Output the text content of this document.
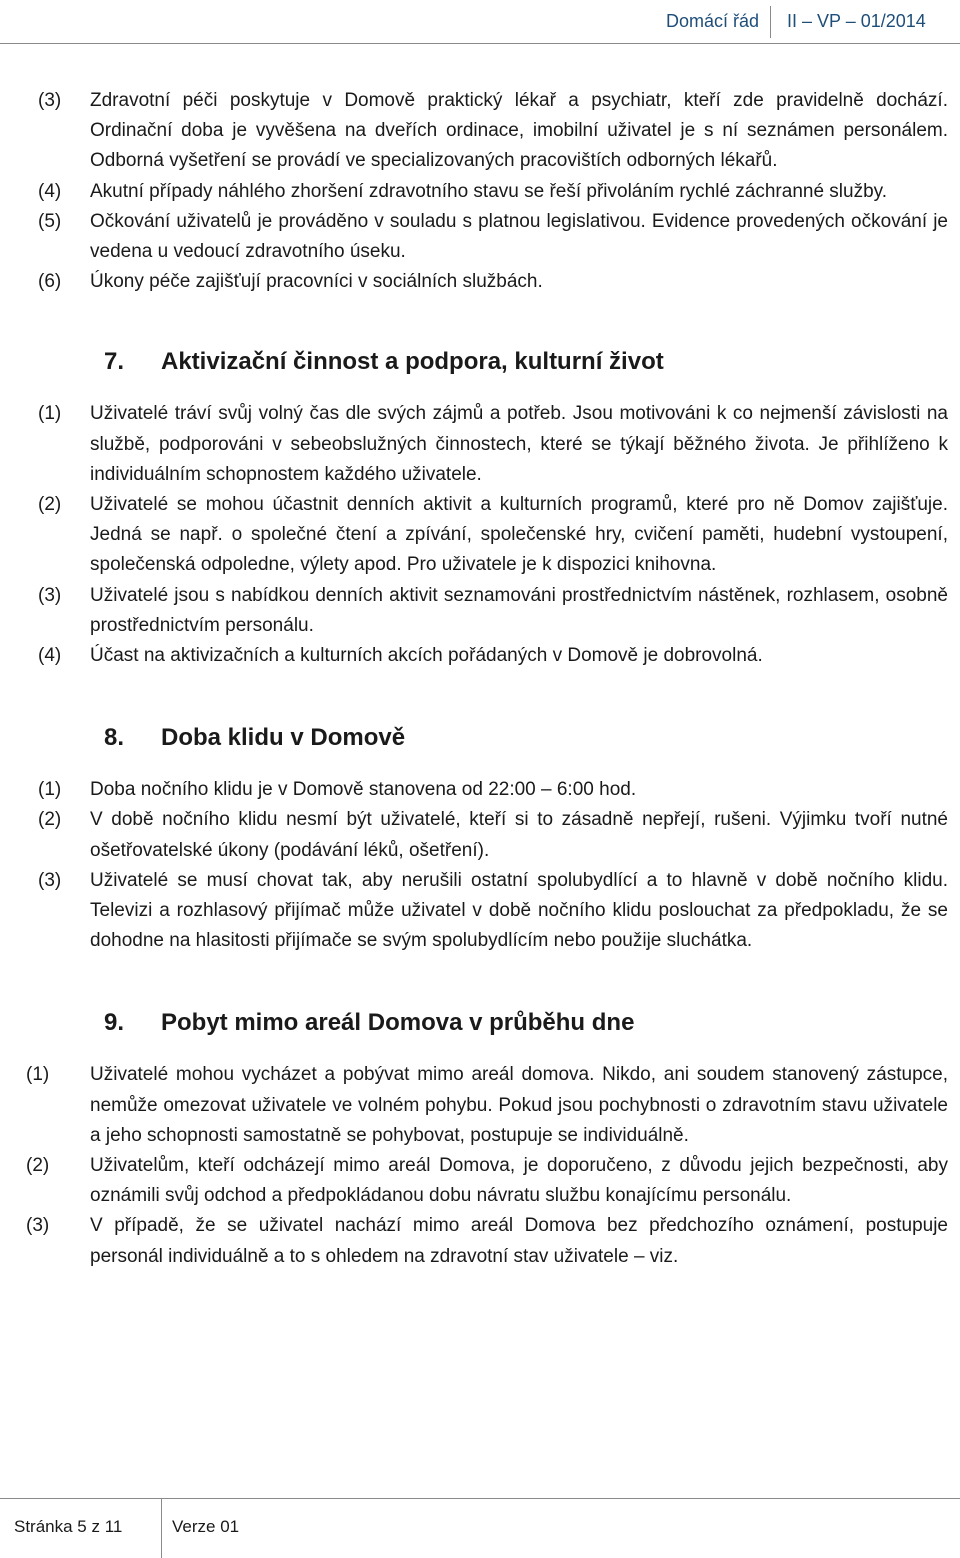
Domácí řád II – VP – 01/2014

(3)	Zdravotní péči poskytuje v Domově praktický lékař a psychiatr, kteří zde pravidelně dochází. Ordinační doba je vyvěšena na dveřích ordinace, imobilní uživatel je s ní seznámen personálem. Odborná vyšetření se provádí ve specializovaných pracovištích odborných lékařů.

(4)	Akutní případy náhlého zhoršení zdravotního stavu se řeší přivoláním rychlé záchranné služby.

(5)	Očkování uživatelů je prováděno v souladu s platnou legislativou. Evidence provedených očkování je vedena u vedoucí zdravotního úseku.

(6)	Úkony péče zajišťují pracovníci v sociálních službách.

7. Aktivizační činnost a podpora, kulturní život

(1)	Uživatelé tráví svůj volný čas dle svých zájmů a potřeb. Jsou motivováni k co nejmenší závislosti na službě, podporováni v sebeobslužných činnostech, které se týkají běžného života. Je přihlíženo k individuálním schopnostem každého uživatele.

(2)	Uživatelé se mohou účastnit denních aktivit a kulturních programů, které pro ně Domov zajišťuje. Jedná se např. o společné čtení a zpívání, společenské hry, cvičení paměti, hudební vystoupení, společenská odpoledne, výlety apod. Pro uživatele je k dispozici knihovna.

(3)	Uživatelé jsou s nabídkou denních aktivit seznamováni prostřednictvím nástěnek, rozhlasem, osobně prostřednictvím personálu.

(4)	Účast na aktivizačních a kulturních akcích pořádaných v Domově je dobrovolná.

8. Doba klidu v Domově

(1)	Doba nočního klidu je v Domově stanovena od 22:00 – 6:00 hod.

(2)	V době nočního klidu nesmí být uživatelé, kteří si to zásadně nepřejí, rušeni. Výjimku tvoří nutné ošetřovatelské úkony (podávání léků, ošetření).

(3)	Uživatelé se musí chovat tak, aby nerušili ostatní spolubydlící a to hlavně v době nočního klidu. Televizi a rozhlasový přijímač může uživatel v době nočního klidu poslouchat za předpokladu, že se dohodne na hlasitosti přijímače se svým spolubydlícím nebo použije sluchátka.

9. Pobyt mimo areál Domova v průběhu dne

(1)	Uživatelé mohou vycházet a pobývat mimo areál domova. Nikdo, ani soudem stanovený zástupce, nemůže omezovat uživatele ve volném pohybu. Pokud jsou pochybnosti o zdravotním stavu uživatele a jeho schopnosti samostatně se pohybovat, postupuje se individuálně.

(2)	Uživatelům, kteří odcházejí mimo areál Domova, je doporučeno, z důvodu jejich bezpečnosti, aby oznámili svůj odchod a předpokládanou dobu návratu službu konajícímu personálu.

(3)	V případě, že se uživatel nachází mimo areál Domova bez předchozího oznámení, postupuje personál individuálně a to s ohledem na zdravotní stav uživatele – viz.

Stránka 5 z 11	Verze 01
